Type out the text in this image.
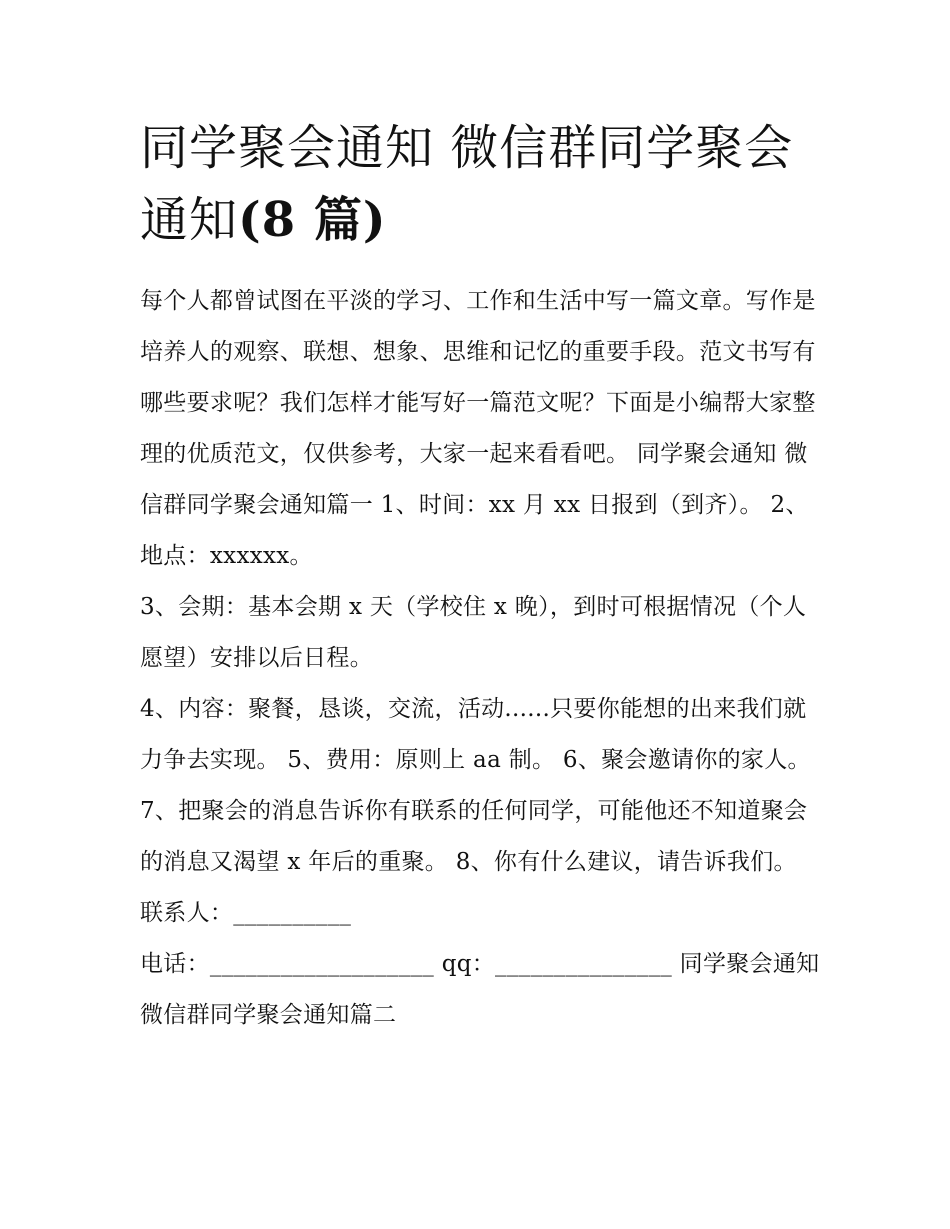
同学聚会通知 微信群同学聚会通知(8 篇)

每个人都曾试图在平淡的学习、工作和生活中写一篇文章。写作是培养人的观察、联想、想象、思维和记忆的重要手段。范文书写有哪些要求呢？我们怎样才能写好一篇范文呢？下面是小编帮大家整理的优质范文，仅供参考，大家一起来看看吧。 同学聚会通知 微信群同学聚会通知篇一 1、时间：xx 月 xx 日报到（到齐）。 2、地点：xxxxxx。

3、会期：基本会期 x 天（学校住 x 晚），到时可根据情况（个人愿望）安排以后日程。

4、内容：聚餐，恳谈，交流，活动......只要你能想的出来我们就力争去实现。 5、费用：原则上 aa 制。 6、聚会邀请你的家人。

7、把聚会的消息告诉你有联系的任何同学，可能他还不知道聚会的消息又渴望 x 年后的重聚。 8、你有什么建议，请告诉我们。 联系人：__________

电话：___________________ qq：_______________ 同学聚会通知 微信群同学聚会通知篇二
